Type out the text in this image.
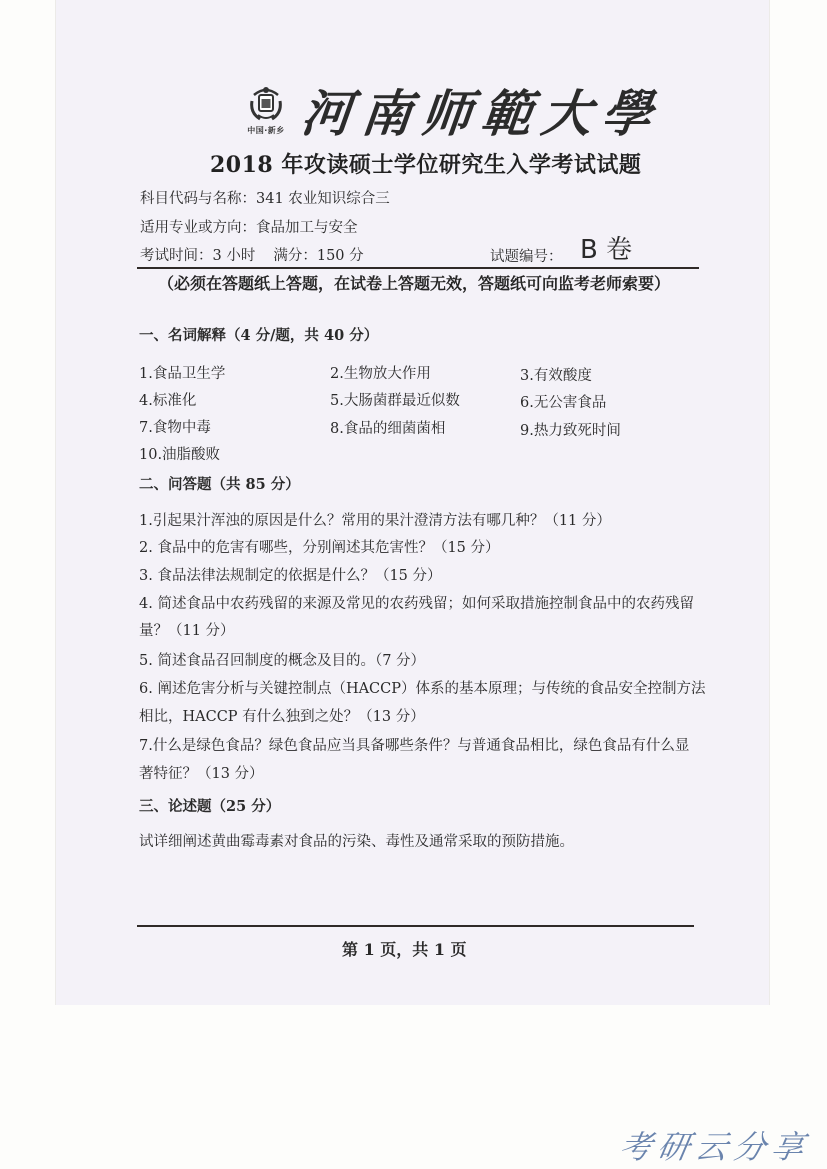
中国·新乡 河南师範大學
2018 年攻读硕士学位研究生入学考试试题
科目代码与名称：341 农业知识综合三
适用专业或方向：食品加工与安全
考试时间：3 小时 满分：150 分	试题编号： B 卷
（必须在答题纸上答题，在试卷上答题无效，答题纸可向监考老师索要）
一、名词解释（4 分/题，共 40 分）
1.食品卫生学	2.生物放大作用	3.有效酸度
4.标准化	5.大肠菌群最近似数	6.无公害食品
7.食物中毒	8.食品的细菌菌相	9.热力致死时间
10.油脂酸败
二、问答题（共 85 分）
1.引起果汁浑浊的原因是什么？常用的果汁澄清方法有哪几种？（11 分）
2. 食品中的危害有哪些，分别阐述其危害性？（15 分）
3. 食品法律法规制定的依据是什么？（15 分）
4. 简述食品中农药残留的来源及常见的农药残留；如何采取措施控制食品中的农药残留
量？（11 分）
5. 简述食品召回制度的概念及目的。（7 分）
6. 阐述危害分析与关键控制点（HACCP）体系的基本原理；与传统的食品安全控制方法
相比，HACCP 有什么独到之处？（13 分）
7.什么是绿色食品？绿色食品应当具备哪些条件？与普通食品相比，绿色食品有什么显
著特征？（13 分）
三、论述题（25 分）
试详细阐述黄曲霉毒素对食品的污染、毒性及通常采取的预防措施。
第 1 页，共 1 页
考研云分享
